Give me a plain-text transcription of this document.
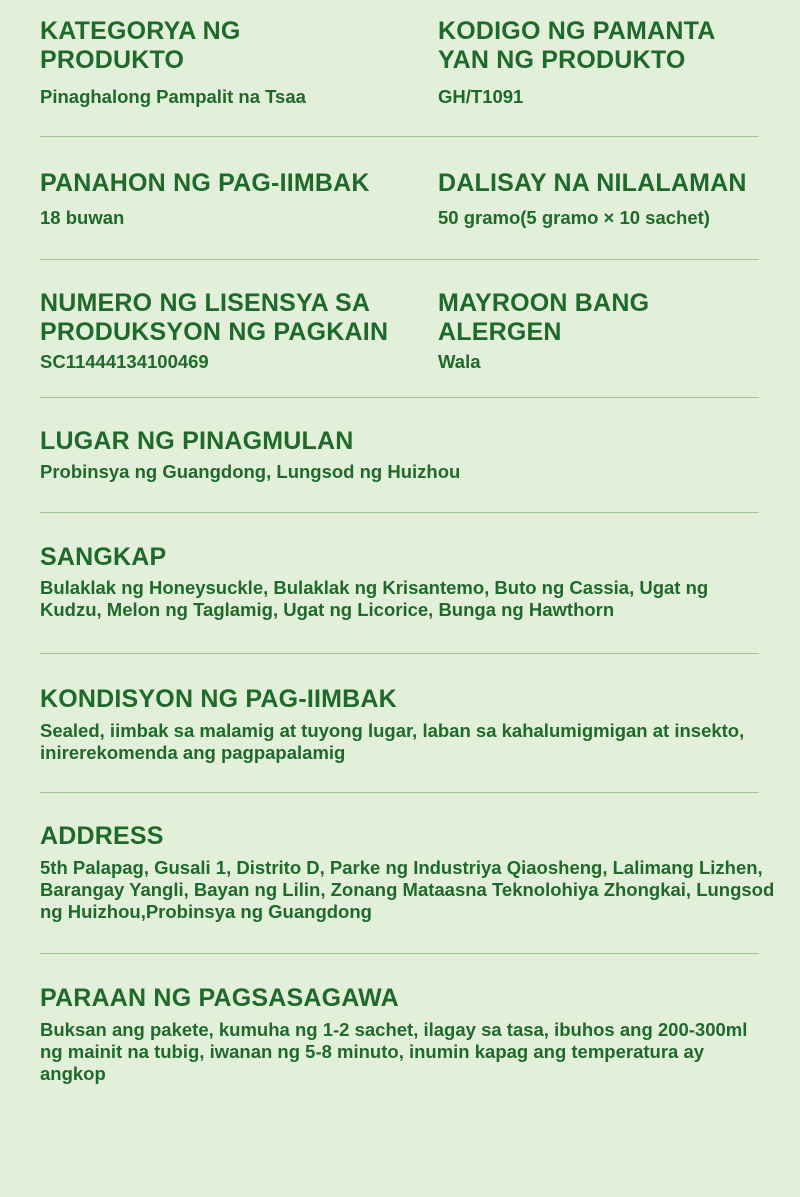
KATEGORYA NG PRODUKTO

Pinaghalong Pampalit na Tsaa

KODIGO NG PAMANTA YAN NG PRODUKTO

GH/T1091

PANAHON NG PAG-IIMBAK

18 buwan

DALISAY NA NILALAMAN

50 gramo(5 gramo × 10 sachet)

NUMERO NG LISENSYA SA PRODUKSYON NG PAGKAIN

SC11444134100469

MAYROON BANG ALERGEN

Wala

LUGAR NG PINAGMULAN

Probinsya ng Guangdong, Lungsod ng Huizhou

SANGKAP

Bulaklak ng Honeysuckle, Bulaklak ng Krisantemo, Buto ng Cassia, Ugat ng Kudzu, Melon ng Taglamig, Ugat ng Licorice, Bunga ng Hawthorn

KONDISYON NG PAG-IIMBAK

Sealed, iimbak sa malamig at tuyong lugar, laban sa kahalumigmigan at insekto, inirerekomenda ang pagpapalamig

ADDRESS

5th Palapag, Gusali 1, Distrito D, Parke ng Industriya Qiaosheng, Lalimang Lizhen, Barangay Yangli, Bayan ng Lilin, Zonang Mataasna Teknolohiya Zhongkai, Lungsod ng Huizhou,Probinsya ng Guangdong

PARAAN NG PAGSASAGAWA

Buksan ang pakete, kumuha ng 1-2 sachet, ilagay sa tasa, ibuhos ang 200-300ml ng mainit na tubig, iwanan ng 5-8 minuto, inumin kapag ang temperatura ay angkop
